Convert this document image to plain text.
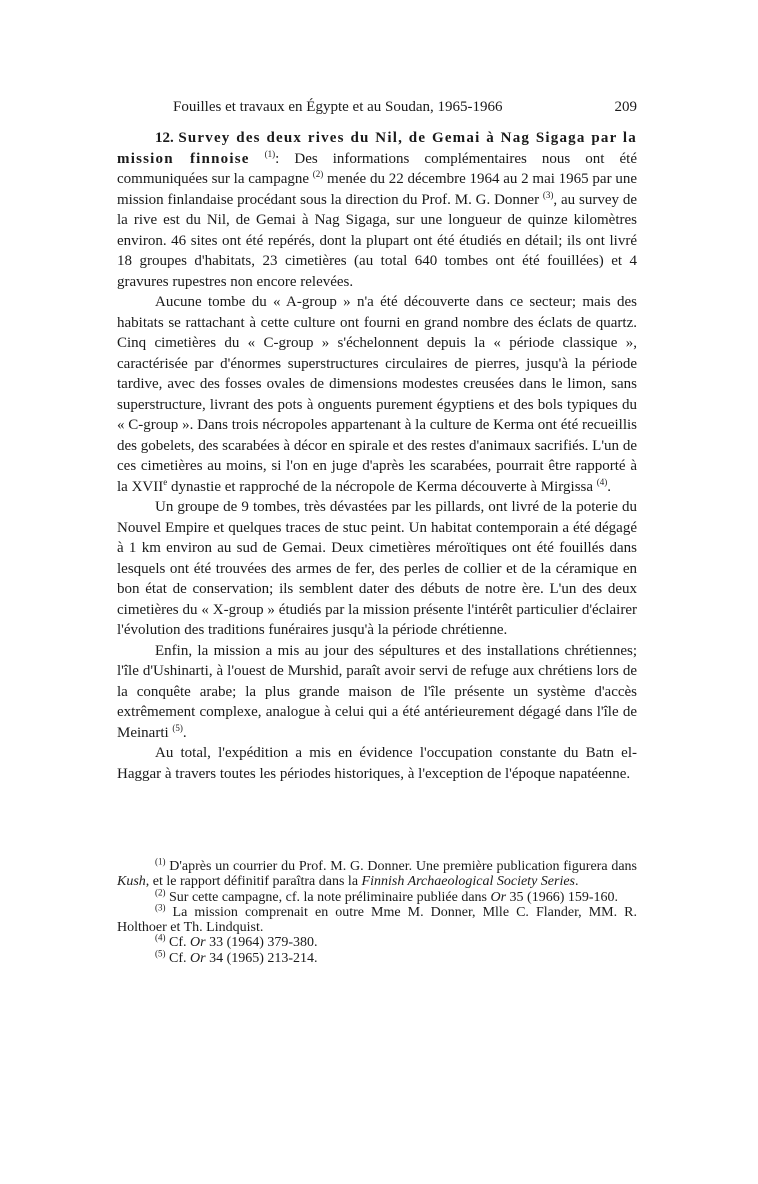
Fouilles et travaux en Égypte et au Soudan, 1965-1966	209

12. Survey des deux rives du Nil, de Gemai à Nag Sigaga par la mission finnoise $^{(1)}$: Des informations complémentaires nous ont été communiquées sur la campagne $^{(2)}$ menée du 22 décembre 1964 au 2 mai 1965 par une mission finlandaise procédant sous la direction du Prof. M. G. Donner $^{(3)}$, au survey de la rive est du Nil, de Gemai à Nag Sigaga, sur une longueur de quinze kilomètres environ. 46 sites ont été repérés, dont la plupart ont été étudiés en détail; ils ont livré 18 groupes d'habitats, 23 cimetières (au total 640 tombes ont été fouillées) et 4 gravures rupestres non encore relevées.

Aucune tombe du « A-group » n'a été découverte dans ce secteur; mais des habitats se rattachant à cette culture ont fourni en grand nombre des éclats de quartz. Cinq cimetières du « C-group » s'échelonnent depuis la « période classique », caractérisée par d'énormes superstructures circulaires de pierres, jusqu'à la période tardive, avec des fosses ovales de dimensions modestes creusées dans le limon, sans superstructure, livrant des pots à onguents purement égyptiens et des bols typiques du « C-group ». Dans trois nécropoles appartenant à la culture de Kerma ont été recueillis des gobelets, des scarabées à décor en spirale et des restes d'animaux sacrifiés. L'un de ces cimetières au moins, si l'on en juge d'après les scarabées, pourrait être rapporté à la XVIIe dynastie et rapproché de la nécropole de Kerma découverte à Mirgissa $^{(4)}$.

Un groupe de 9 tombes, très dévastées par les pillards, ont livré de la poterie du Nouvel Empire et quelques traces de stuc peint. Un habitat contemporain a été dégagé à 1 km environ au sud de Gemai. Deux cimetières méroïtiques ont été fouillés dans lesquels ont été trouvées des armes de fer, des perles de collier et de la céramique en bon état de conservation; ils semblent dater des débuts de notre ère. L'un des deux cimetières du « X-group » étudiés par la mission présente l'intérêt particulier d'éclairer l'évolution des traditions funéraires jusqu'à la période chrétienne.

Enfin, la mission a mis au jour des sépultures et des installations chrétiennes; l'île d'Ushinarti, à l'ouest de Murshid, paraît avoir servi de refuge aux chrétiens lors de la conquête arabe; la plus grande maison de l'île présente un système d'accès extrêmement complexe, analogue à celui qui a été antérieurement dégagé dans l'île de Meinarti $^{(5)}$.

Au total, l'expédition a mis en évidence l'occupation constante du Batn el-Haggar à travers toutes les périodes historiques, à l'exception de l'époque napatéenne.

$^{(1)}$ D'après un courrier du Prof. M. G. Donner. Une première publication figurera dans Kush, et le rapport définitif paraîtra dans la Finnish Archaeological Society Series.

$^{(2)}$ Sur cette campagne, cf. la note préliminaire publiée dans Or 35 (1966) 159-160.

$^{(3)}$ La mission comprenait en outre Mme M. Donner, Mlle C. Flander, MM. R. Holthoer et Th. Lindquist.

$^{(4)}$ Cf. Or 33 (1964) 379-380.

$^{(5)}$ Cf. Or 34 (1965) 213-214.
